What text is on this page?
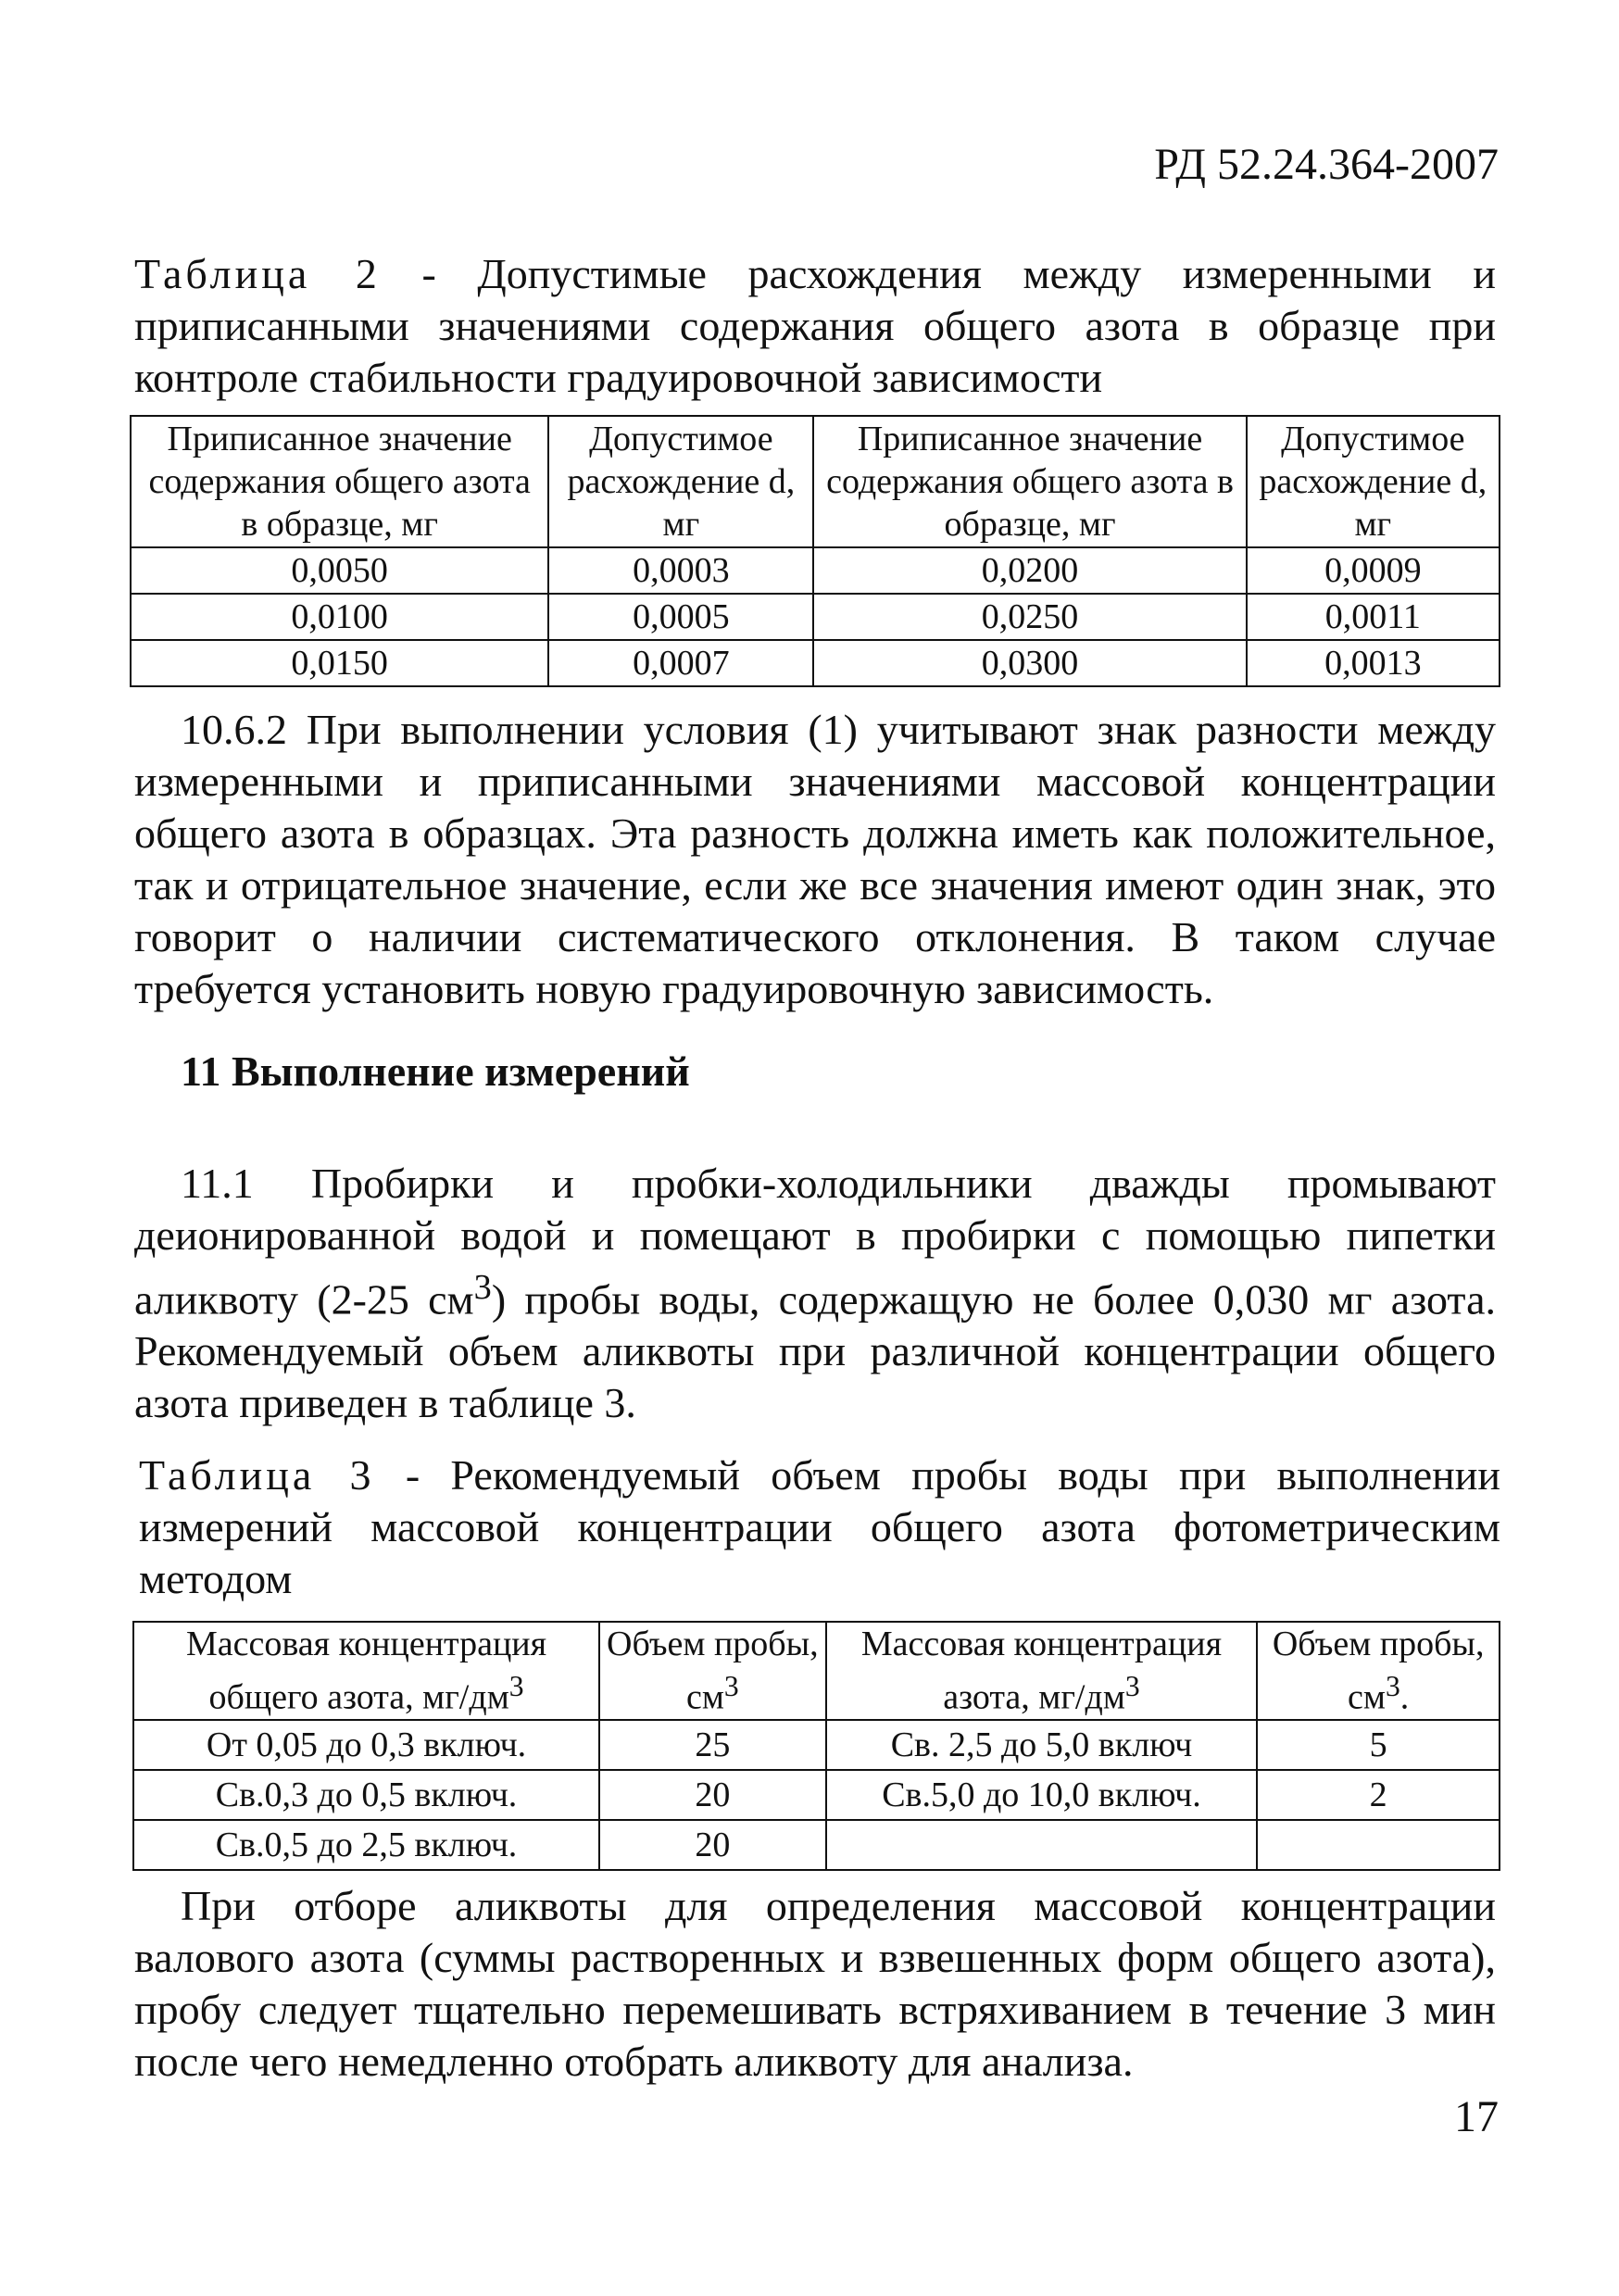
РД 52.24.364-2007
Таблица 2 - Допустимые расхождения между измеренными и приписанными значениями содержания общего азота в образце при контроле стабильности градуировочной зависимости
Приписанное значение содержания общего азота в образце, мг	Допустимое расхождение d, мг	Приписанное значение содержания общего азота в образце, мг	Допустимое расхождение d, мг
0,0050	0,0003	0,0200	0,0009
0,0100	0,0005	0,0250	0,0011
0,0150	0,0007	0,0300	0,0013
10.6.2 При выполнении условия (1) учитывают знак разности между измеренными и приписанными значениями массовой концентрации общего азота в образцах. Эта разность должна иметь как положительное, так и отрицательное значение, если же все значения имеют один знак, это говорит о наличии систематического отклонения. В таком случае требуется установить новую градуировочную зависимость.
11 Выполнение измерений
11.1 Пробирки и пробки-холодильники дважды промывают деионированной водой и помещают в пробирки с помощью пипетки аликвоту (2-25 $см^3$) пробы воды, содержащую не более 0,030 мг азота. Рекомендуемый объем аликвоты при различной концентрации общего азота приведен в таблице 3.
Таблица 3 - Рекомендуемый объем пробы воды при выполнении измерений массовой концентрации общего азота фотометрическим методом
Массовая концентрация общего азота, $мг/дм^3$	Объем пробы, $см^3$	Массовая концентрация азота, $мг/дм^3$	Объем пробы, $см^3$.
От 0,05 до 0,3 включ.	25	Св. 2,5 до 5,0 включ	5
Св.0,3 до 0,5 включ.	20	Св.5,0 до 10,0 включ.	2
Св.0,5 до 2,5 включ.	20		
При отборе аликвоты для определения массовой концентрации валового азота (суммы растворенных и взвешенных форм общего азота), пробу следует тщательно перемешивать встряхиванием в течение 3 мин после чего немедленно отобрать аликвоту для анализа.
17
